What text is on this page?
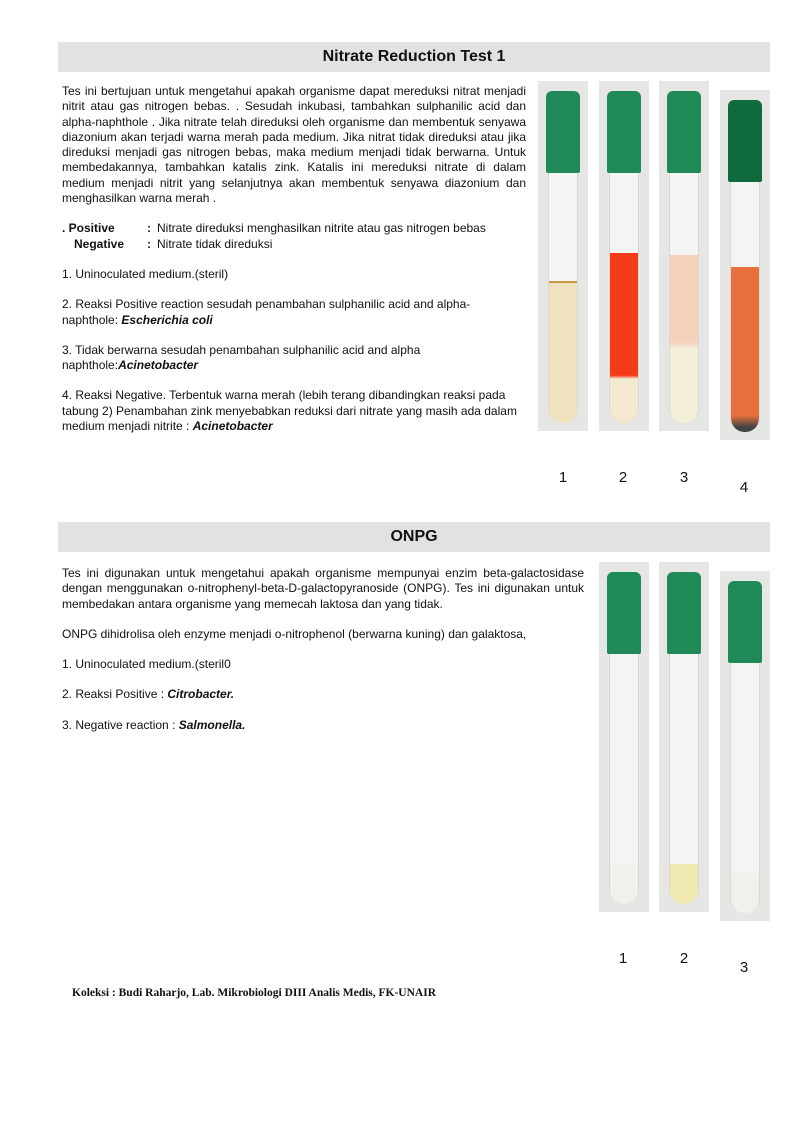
Nitrate Reduction Test 1

Tes ini bertujuan untuk mengetahui apakah organisme dapat mereduksi nitrat menjadi nitrit atau gas nitrogen bebas. . Sesudah inkubasi, tambahkan sulphanilic acid dan alpha-naphthole . Jika nitrate telah direduksi oleh organisme dan membentuk senyawa diazonium akan terjadi warna merah pada medium. Jika nitrat tidak direduksi atau jika direduksi menjadi gas nitrogen bebas, maka medium menjadi tidak berwarna. Untuk membedakannya, tambahkan katalis zink. Katalis ini mereduksi nitrate di dalam medium menjadi nitrit yang selanjutnya akan membentuk senyawa diazonium dan menghasilkan warna merah .

. Positive	: Nitrate direduksi menghasilkan nitrite atau gas nitrogen bebas
Negative	: Nitrate tidak direduksi

1. Uninoculated medium.(steril)

2. Reaksi Positive reaction sesudah penambahan sulphanilic acid and alpha-naphthole: Escherichia coli

3. Tidak berwarna sesudah penambahan sulphanilic acid and alpha naphthole:Acinetobacter

4. Reaksi Negative. Terbentuk warna merah (lebih terang dibandingkan reaksi pada tabung 2) Penambahan zink menyebabkan reduksi dari nitrate yang masih ada dalam medium menjadi nitrite : Acinetobacter

1	2	3
4
ONPG

Tes ini digunakan untuk mengetahui apakah organisme mempunyai enzim beta-galactosidase dengan menggunakan o-nitrophenyl-beta-D-galactopyranoside (ONPG). Tes ini digunakan untuk membedakan antara organisme yang memecah laktosa dan yang tidak.

ONPG dihidrolisa oleh enzyme menjadi o-nitrophenol (berwarna kuning) dan galaktosa,

1. Uninoculated medium.(steril0

2. Reaksi Positive : Citrobacter.

3. Negative reaction : Salmonella.

1	2
3
Koleksi : Budi Raharjo, Lab. Mikrobiologi DIII Analis Medis, FK-UNAIR
